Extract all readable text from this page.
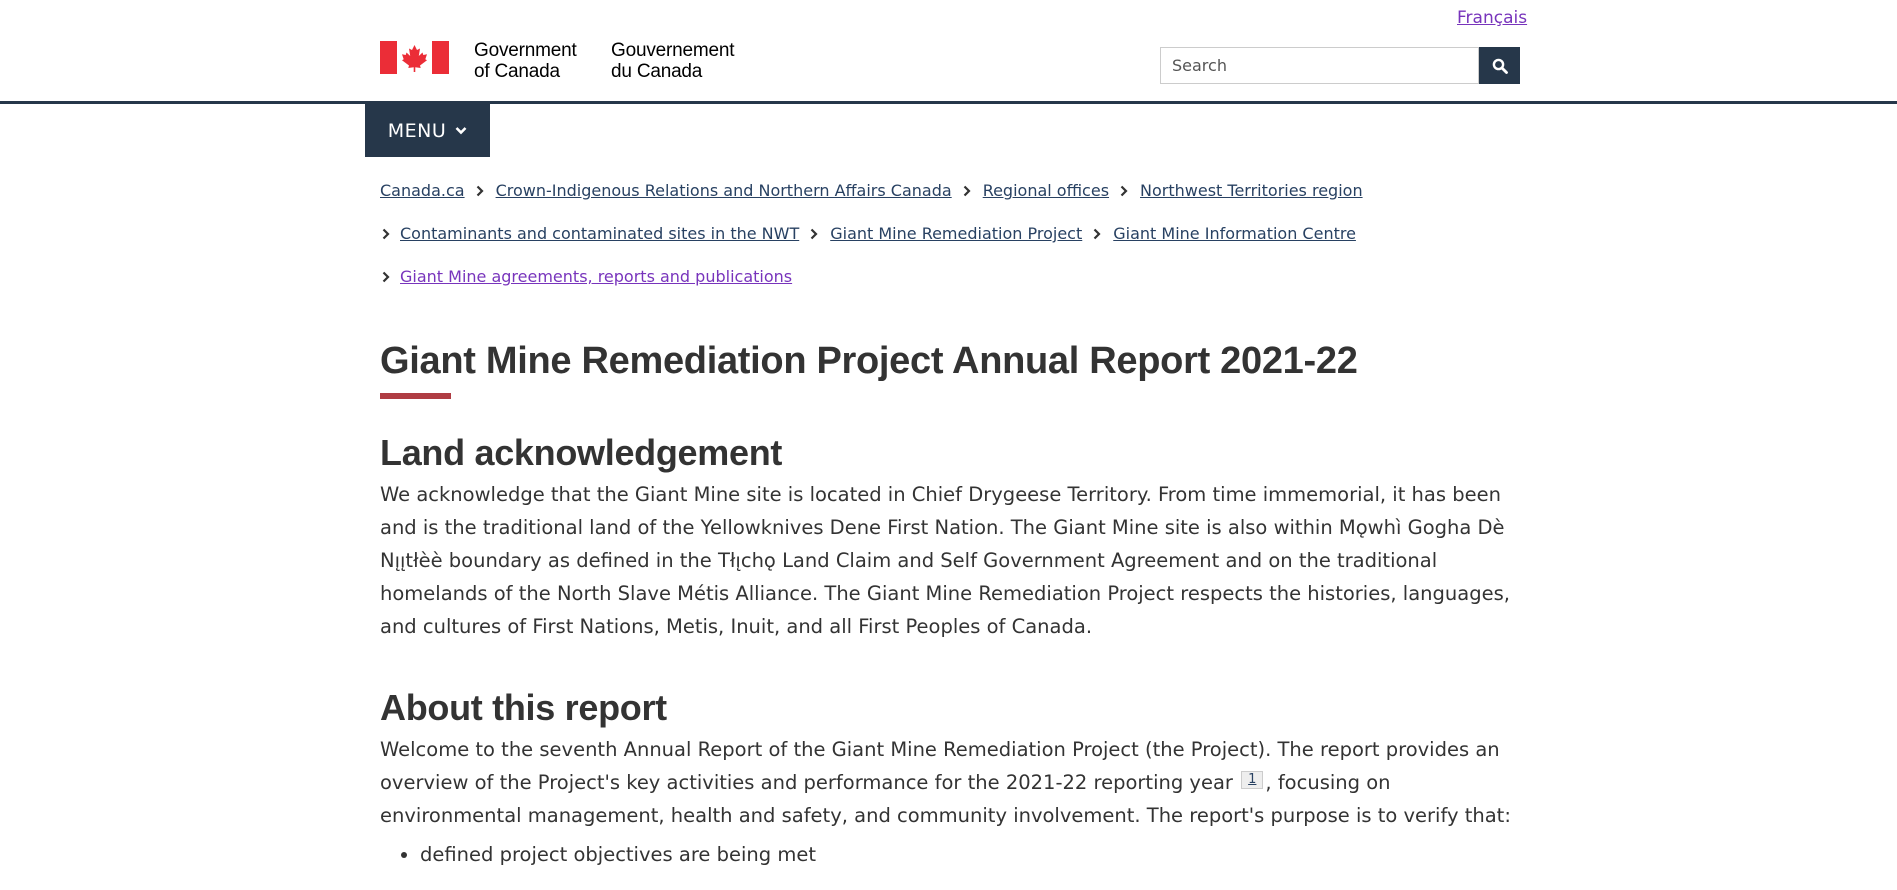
Français
Government
of Canada
Gouvernement
du Canada
Search
MENU
Canada.ca Crown-Indigenous Relations and Northern Affairs Canada Regional offices Northwest Territories region
Contaminants and contaminated sites in the NWT Giant Mine Remediation Project Giant Mine Information Centre
Giant Mine agreements, reports and publications
Giant Mine Remediation Project Annual Report 2021-22
Land acknowledgement

We acknowledge that the Giant Mine site is located in Chief Drygeese Territory. From time immemorial, it has been and is the traditional land of the Yellowknives Dene First Nation. The Giant Mine site is also within Mǫwhì Gogha Dè Nı̨ı̨tłèè boundary as defined in the Tłı̨chǫ Land Claim and Self Government Agreement and on the traditional homelands of the North Slave Métis Alliance. The Giant Mine Remediation Project respects the histories, languages, and cultures of First Nations, Metis, Inuit, and all First Peoples of Canada.

About this report

Welcome to the seventh Annual Report of the Giant Mine Remediation Project (the Project). The report provides an overview of the Project's key activities and performance for the 2021-22 reporting year 1 , focusing on environmental management, health and safety, and community involvement. The report's purpose is to verify that:

• defined project objectives are being met
